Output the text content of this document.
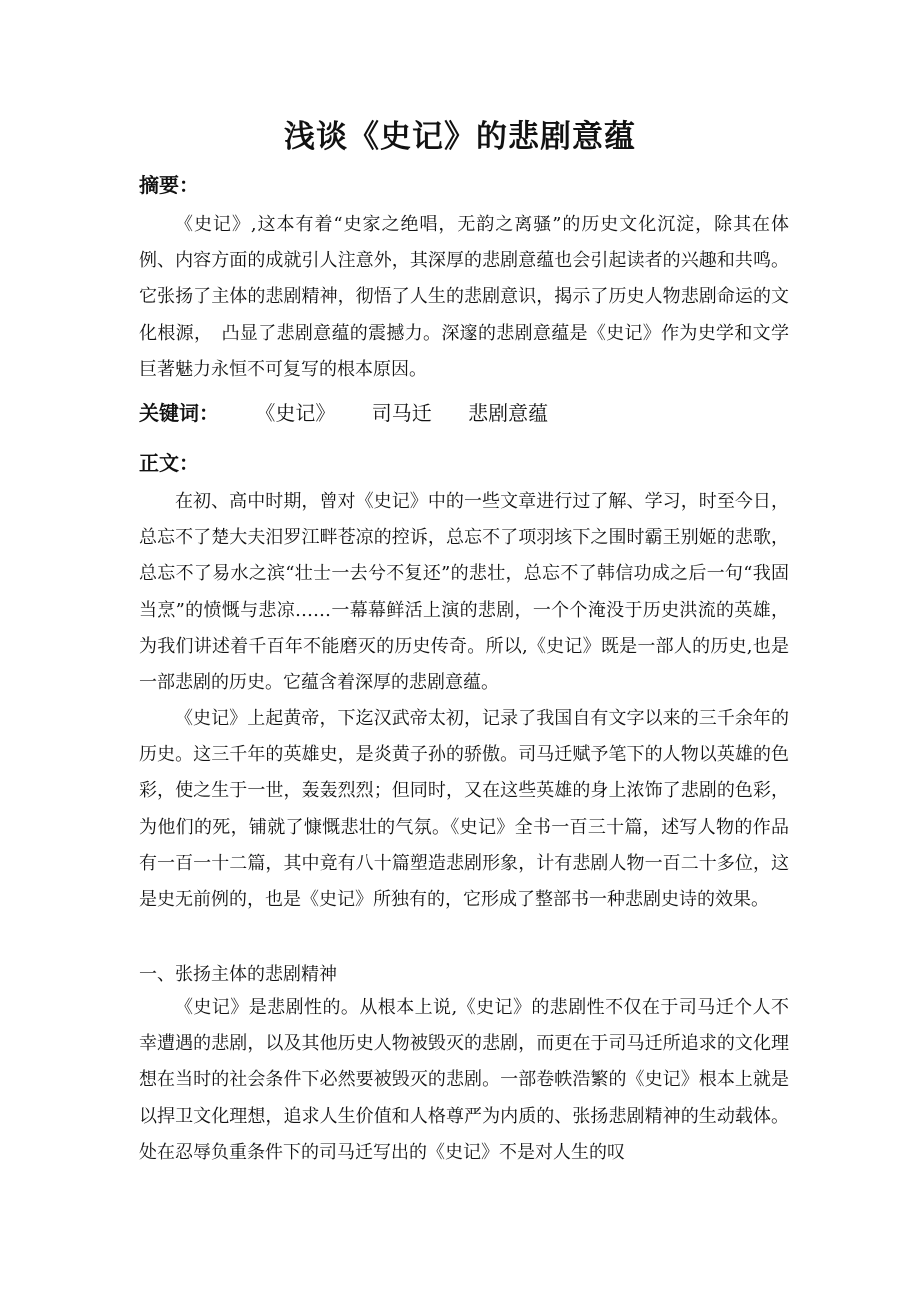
浅谈《史记》的悲剧意蕴
摘要：

《史记》,这本有着“史家之绝唱，无韵之离骚”的历史文化沉淀，除其在体例、内容方面的成就引人注意外，其深厚的悲剧意蕴也会引起读者的兴趣和共鸣。它张扬了主体的悲剧精神，彻悟了人生的悲剧意识，揭示了历史人物悲剧命运的文化根源，　凸显了悲剧意蕴的震撼力。深邃的悲剧意蕴是《史记》作为史学和文学巨著魅力永恒不可复写的根本原因。

关键词： 《史记》 司马迁 悲剧意蕴
正文：

在初、高中时期，曾对《史记》中的一些文章进行过了解、学习，时至今日，总忘不了楚大夫汨罗江畔苍凉的控诉，总忘不了项羽垓下之围时霸王别姬的悲歌，总忘不了易水之滨“壮士一去兮不复还”的悲壮，总忘不了韩信功成之后一句“我固当烹”的愤慨与悲凉……一幕幕鲜活上演的悲剧，一个个淹没于历史洪流的英雄，为我们讲述着千百年不能磨灭的历史传奇。所以,《史记》既是一部人的历史,也是一部悲剧的历史。它蕴含着深厚的悲剧意蕴。

《史记》上起黄帝，下迄汉武帝太初，记录了我国自有文字以来的三千余年的历史。这三千年的英雄史，是炎黄子孙的骄傲。司马迁赋予笔下的人物以英雄的色彩，使之生于一世，轰轰烈烈；但同时，又在这些英雄的身上浓饰了悲剧的色彩，为他们的死，铺就了慷慨悲壮的气氛。《史记》全书一百三十篇，述写人物的作品有一百一十二篇，其中竟有八十篇塑造悲剧形象，计有悲剧人物一百二十多位，这是史无前例的，也是《史记》所独有的，它形成了整部书一种悲剧史诗的效果。

一、张扬主体的悲剧精神

《史记》是悲剧性的。从根本上说,《史记》的悲剧性不仅在于司马迁个人不幸遭遇的悲剧，以及其他历史人物被毁灭的悲剧，而更在于司马迁所追求的文化理想在当时的社会条件下必然要被毁灭的悲剧。一部卷帙浩繁的《史记》根本上就是以捍卫文化理想，追求人生价值和人格尊严为内质的、张扬悲剧精神的生动载体。处在忍辱负重条件下的司马迁写出的《史记》不是对人生的叹
